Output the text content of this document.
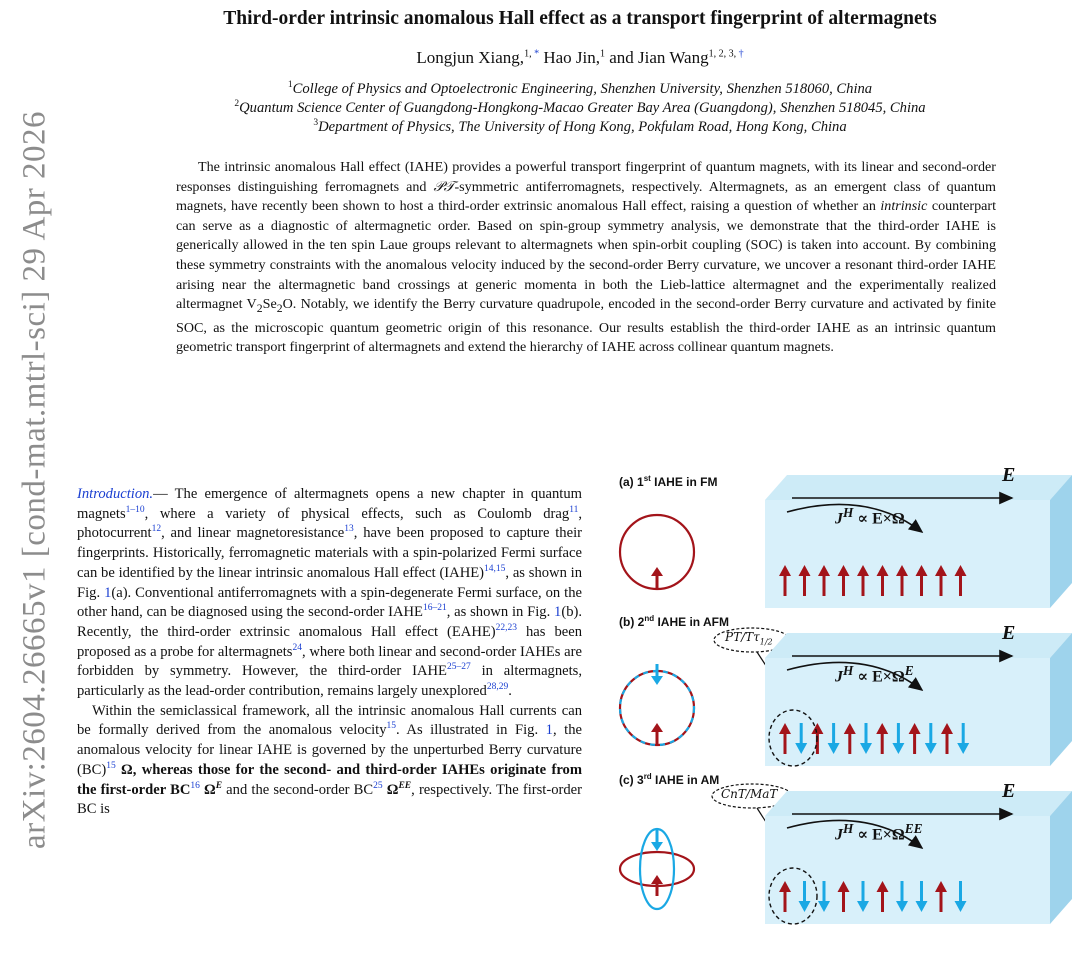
arXiv:2604.26665v1 [cond-mat.mtrl-sci] 29 Apr 2026
Third-order intrinsic anomalous Hall effect as a transport fingerprint of altermagnets
Longjun Xiang,$^{1, *}$ Hao Jin,$^1$ and Jian Wang$^{1, 2, 3, \dagger}$
$^1$College of Physics and Optoelectronic Engineering, Shenzhen University, Shenzhen 518060, China
$^2$Quantum Science Center of Guangdong-Hongkong-Macao Greater Bay Area (Guangdong), Shenzhen 518045, China
$^3$Department of Physics, The University of Hong Kong, Pokfulam Road, Hong Kong, China

The intrinsic anomalous Hall effect (IAHE) provides a powerful transport fingerprint of quantum magnets, with its linear and second-order responses distinguishing ferromagnets and 𝒫𝒯-symmetric antiferromagnets, respectively. Altermagnets, as an emergent class of quantum magnets, have recently been shown to host a third-order extrinsic anomalous Hall effect, raising a question of whether an intrinsic counterpart can serve as a diagnostic of altermagnetic order. Based on spin-group symmetry analysis, we demonstrate that the third-order IAHE is generically allowed in the ten spin Laue groups relevant to altermagnets when spin-orbit coupling (SOC) is taken into account. By combining these symmetry constraints with the anomalous velocity induced by the second-order Berry curvature, we uncover a resonant third-order IAHE arising near the altermagnetic band crossings at generic momenta in both the Lieb-lattice altermagnet and the experimentally realized altermagnet $V_2Se_2O$. Notably, we identify the Berry curvature quadrupole, encoded in the second-order Berry curvature and activated by finite SOC, as the microscopic quantum geometric origin of this resonance. Our results establish the third-order IAHE as an intrinsic quantum geometric transport fingerprint of altermagnets and extend the hierarchy of IAHE across collinear quantum magnets.

Introduction.— The emergence of altermagnets opens a new chapter in quantum magnets$^{1-10}$, where a variety of physical effects, such as Coulomb drag$^{11}$, photocurrent$^{12}$, and linear magnetoresistance$^{13}$, have been proposed to capture their fingerprints. Historically, ferromagnetic materials with a spin-polarized Fermi surface can be identified by the linear intrinsic anomalous Hall effect (IAHE)$^{14,15}$, as shown in Fig. 1(a). Conventional antiferromagnets with a spin-degenerate Fermi surface, on the other hand, can be diagnosed using the second-order IAHE$^{16-21}$, as shown in Fig. 1(b). Recently, the third-order extrinsic anomalous Hall effect (EAHE)$^{22,23}$ has been proposed as a probe for altermagnets$^{24}$, where both linear and second-order IAHEs are forbidden by symmetry. However, the third-order IAHE$^{25-27}$ in altermagnets, particularly as the lead-order contribution, remains largely unexplored$^{28,29}$.

Within the semiclassical framework, all the intrinsic anomalous Hall currents can be formally derived from the anomalous velocity$^{15}$. As illustrated in Fig. 1, the anomalous velocity for linear IAHE is governed by the unperturbed Berry curvature (BC)$^{15}$ Ω, whereas those for the second- and third-order IAHEs originate from the first-order BC$^{16}$ $\Omega^E$ and the second-order BC$^{25}$ $\Omega^{EE}$, respectively. The first-order BC is

(a) 1st IAHE in FM	E
$J^H \propto E\times\Omega$
(b) 2nd IAHE in AFM
$PT/T\tau_{1/2}$	E
$J^H \propto E\times\Omega^E$
(c) 3rd IAHE in AM
CnT/MaT	E
$J^H \propto E\times\Omega^{EE}$
